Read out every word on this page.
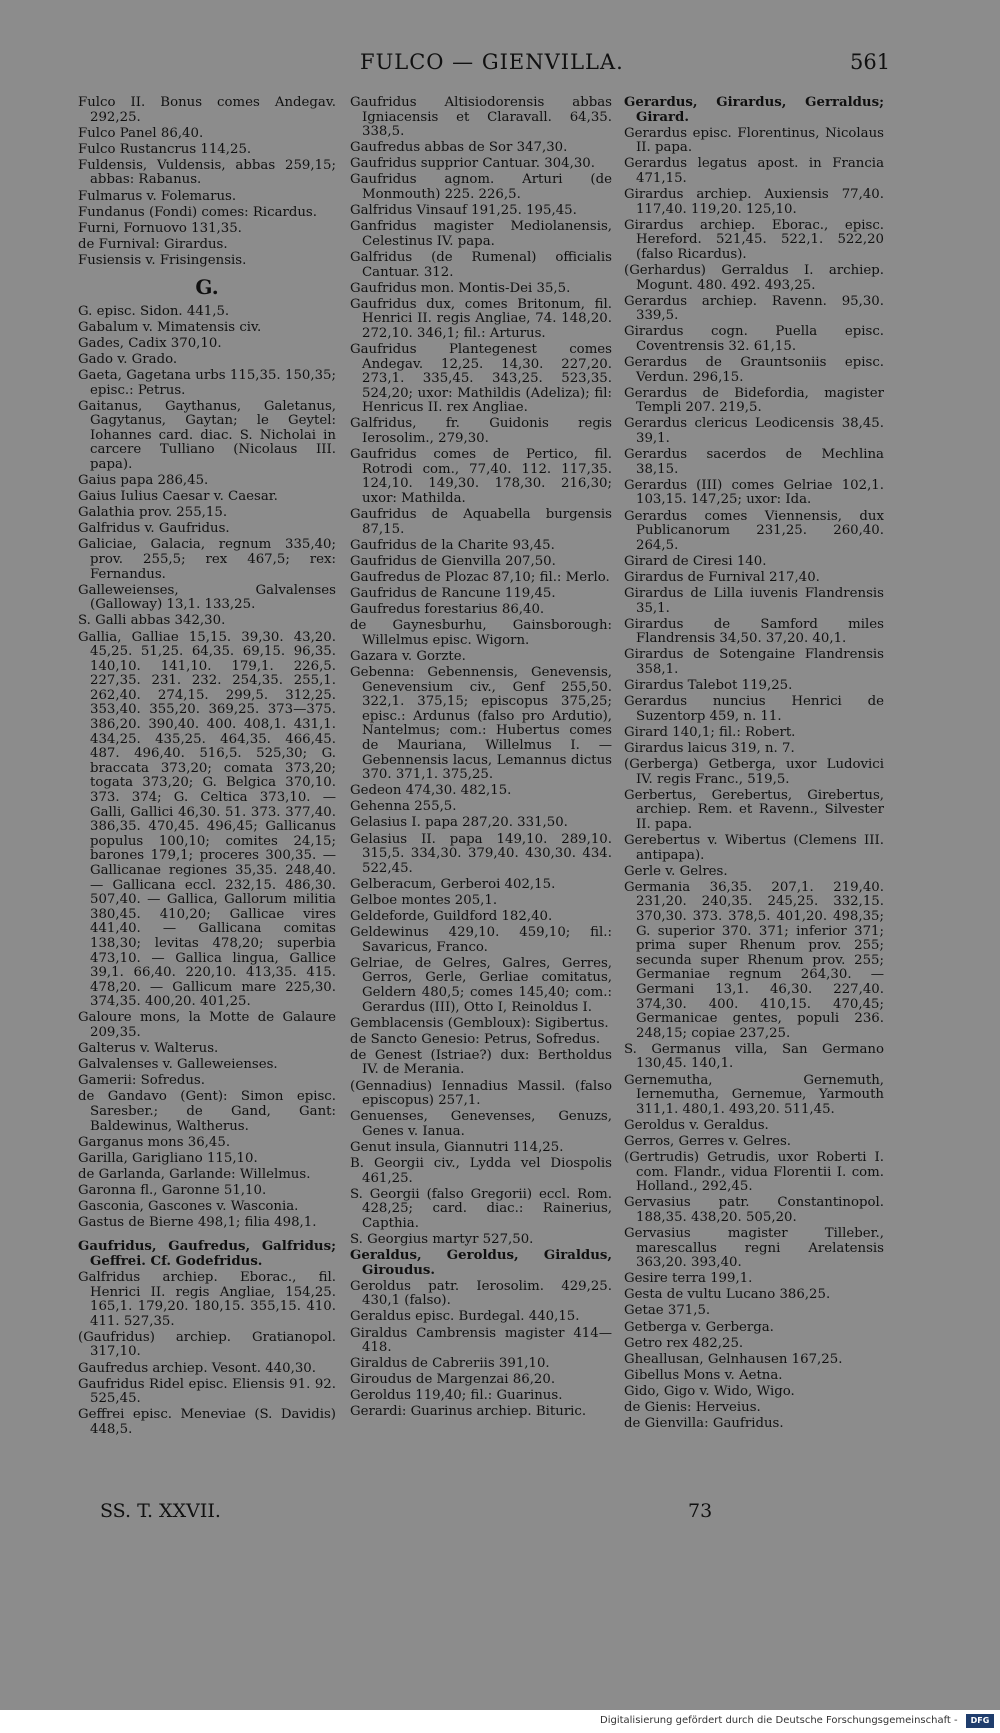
FULCO — GIENVILLA.	561
Fulco II. Bonus comes Andegav. 292,25.
Fulco Panel 86,40.
Fulco Rustancrus 114,25.
Fuldensis, Vuldensis, abbas 259,15; abbas: Rabanus.
Fulmarus v. Folemarus.
Fundanus (Fondi) comes: Ricardus.
Furni, Fornuovo 131,35.
de Furnival: Girardus.
Fusiensis v. Frisingensis.
G.
G. episc. Sidon. 441,5.
Gabalum v. Mimatensis civ.
Gades, Cadix 370,10.
Gado v. Grado.
Gaeta, Gagetana urbs 115,35. 150,35; episc.: Petrus.
Gaitanus, Gaythanus, Galetanus, Gagytanus, Gaytan; le Geytel: Iohannes card. diac. S. Nicholai in carcere Tulliano (Nicolaus III. papa).
Gaius papa 286,45.
Gaius Iulius Caesar v. Caesar.
Galathia prov. 255,15.
Galfridus v. Gaufridus.
Galiciae, Galacia, regnum 335,40; prov. 255,5; rex 467,5; rex: Fernandus.
Galleweienses, Galvalenses (Galloway) 13,1. 133,25.
S. Galli abbas 342,30.
Gallia, Galliae 15,15. 39,30. 43,20. 45,25. 51,25. 64,35. 69,15. 96,35. 140,10. 141,10. 179,1. 226,5. 227,35. 231. 232. 254,35. 255,1. 262,40. 274,15. 299,5. 312,25. 353,40. 355,20. 369,25. 373—375. 386,20. 390,40. 400. 408,1. 431,1. 434,25. 435,25. 464,35. 466,45. 487. 496,40. 516,5. 525,30; G. braccata 373,20; comata 373,20; togata 373,20; G. Belgica 370,10. 373. 374; G. Celtica 373,10. — Galli, Gallici 46,30. 51. 373. 377,40. 386,35. 470,45. 496,45; Gallicanus populus 100,10; comites 24,15; barones 179,1; proceres 300,35. — Gallicanae regiones 35,35. 248,40. — Gallicana eccl. 232,15. 486,30. 507,40. — Gallica, Gallorum militia 380,45. 410,20; Gallicae vires 441,40. — Gallicana comitas 138,30; levitas 478,20; superbia 473,10. — Gallica lingua, Gallice 39,1. 66,40. 220,10. 413,35. 415. 478,20. — Gallicum mare 225,30. 374,35. 400,20. 401,25.
Galoure mons, la Motte de Galaure 209,35.
Galterus v. Walterus.
Galvalenses v. Galleweienses.
Gamerii: Sofredus.
de Gandavo (Gent): Simon episc. Saresber.; de Gand, Gant: Baldewinus, Waltherus.
Garganus mons 36,45.
Garilla, Garigliano 115,10.
de Garlanda, Garlande: Willelmus.
Garonna fl., Garonne 51,10.
Gasconia, Gascones v. Wasconia.
Gastus de Bierne 498,1; filia 498,1.
Gaufridus, Gaufredus, Galfridus; Geffrei. Cf. Godefridus.
Galfridus archiep. Eborac., fil. Henrici II. regis Angliae, 154,25. 165,1. 179,20. 180,15. 355,15. 410. 411. 527,35.
(Gaufridus) archiep. Gratianopol. 317,10.
Gaufredus archiep. Vesont. 440,30.
Gaufridus Ridel episc. Eliensis 91. 92. 525,45.
Geffrei episc. Meneviae (S. Davidis) 448,5.
Gaufridus Altisiodorensis abbas Igniacensis et Claravall. 64,35. 338,5.
Gaufredus abbas de Sor 347,30.
Gaufridus supprior Cantuar. 304,30.
Gaufridus agnom. Arturi (de Monmouth) 225. 226,5.
Galfridus Vinsauf 191,25. 195,45.
Ganfridus magister Mediolanensis, Celestinus IV. papa.
Galfridus (de Rumenal) officialis Cantuar. 312.
Gaufridus mon. Montis-Dei 35,5.
Gaufridus dux, comes Britonum, fil. Henrici II. regis Angliae, 74. 148,20. 272,10. 346,1; fil.: Arturus.
Gaufridus Plantegenest comes Andegav. 12,25. 14,30. 227,20. 273,1. 335,45. 343,25. 523,35. 524,20; uxor: Mathildis (Adeliza); fil: Henricus II. rex Angliae.
Galfridus, fr. Guidonis regis Ierosolim., 279,30.
Gaufridus comes de Pertico, fil. Rotrodi com., 77,40. 112. 117,35. 124,10. 149,30. 178,30. 216,30; uxor: Mathilda.
Gaufridus de Aquabella burgensis 87,15.
Gaufridus de la Charite 93,45.
Gaufridus de Gienvilla 207,50.
Gaufredus de Plozac 87,10; fil.: Merlo.
Gaufridus de Rancune 119,45.
Gaufredus forestarius 86,40.
de Gaynesburhu, Gainsborough: Willelmus episc. Wigorn.
Gazara v. Gorzte.
Gebenna: Gebennensis, Genevensis, Genevensium civ., Genf 255,50. 322,1. 375,15; episcopus 375,25; episc.: Ardunus (falso pro Ardutio), Nantelmus; com.: Hubertus comes de Mauriana, Willelmus I. — Gebennensis lacus, Lemannus dictus 370. 371,1. 375,25.
Gedeon 474,30. 482,15.
Gehenna 255,5.
Gelasius I. papa 287,20. 331,50.
Gelasius II. papa 149,10. 289,10. 315,5. 334,30. 379,40. 430,30. 434. 522,45.
Gelberacum, Gerberoi 402,15.
Gelboe montes 205,1.
Geldeforde, Guildford 182,40.
Geldewinus 429,10. 459,10; fil.: Savaricus, Franco.
Gelriae, de Gelres, Galres, Gerres, Gerros, Gerle, Gerliae comitatus, Geldern 480,5; comes 145,40; com.: Gerardus (III), Otto I, Reinoldus I.
Gemblacensis (Gembloux): Sigibertus.
de Sancto Genesio: Petrus, Sofredus.
de Genest (Istriae?) dux: Bertholdus IV. de Merania.
(Gennadius) Iennadius Massil. (falso episcopus) 257,1.
Genuenses, Genevenses, Genuzs, Genes v. Ianua.
Genut insula, Giannutri 114,25.
B. Georgii civ., Lydda vel Diospolis 461,25.
S. Georgii (falso Gregorii) eccl. Rom. 428,25; card. diac.: Rainerius, Capthia.
S. Georgius martyr 527,50.
Geraldus, Geroldus, Giraldus, Giroudus.
Geroldus patr. Ierosolim. 429,25. 430,1 (falso).
Geraldus episc. Burdegal. 440,15.
Giraldus Cambrensis magister 414—418.
Giraldus de Cabreriis 391,10.
Giroudus de Margenzai 86,20.
Geroldus 119,40; fil.: Guarinus.
Gerardi: Guarinus archiep. Bituric.
Gerardus, Girardus, Gerraldus; Girard.
Gerardus episc. Florentinus, Nicolaus II. papa.
Gerardus legatus apost. in Francia 471,15.
Girardus archiep. Auxiensis 77,40. 117,40. 119,20. 125,10.
Girardus archiep. Eborac., episc. Hereford. 521,45. 522,1. 522,20 (falso Ricardus).
(Gerhardus) Gerraldus I. archiep. Mogunt. 480. 492. 493,25.
Gerardus archiep. Ravenn. 95,30. 339,5.
Girardus cogn. Puella episc. Coventrensis 32. 61,15.
Gerardus de Grauntsoniis episc. Verdun. 296,15.
Gerardus de Bidefordia, magister Templi 207. 219,5.
Gerardus clericus Leodicensis 38,45. 39,1.
Gerardus sacerdos de Mechlina 38,15.
Gerardus (III) comes Gelriae 102,1. 103,15. 147,25; uxor: Ida.
Gerardus comes Viennensis, dux Publicanorum 231,25. 260,40. 264,5.
Girard de Ciresi 140.
Girardus de Furnival 217,40.
Girardus de Lilla iuvenis Flandrensis 35,1.
Girardus de Samford miles Flandrensis 34,50. 37,20. 40,1.
Girardus de Sotengaine Flandrensis 358,1.
Girardus Talebot 119,25.
Gerardus nuncius Henrici de Suzentorp 459, n. 11.
Girard 140,1; fil.: Robert.
Girardus laicus 319, n. 7.
(Gerberga) Getberga, uxor Ludovici IV. regis Franc., 519,5.
Gerbertus, Gerebertus, Girebertus, archiep. Rem. et Ravenn., Silvester II. papa.
Gerebertus v. Wibertus (Clemens III. antipapa).
Gerle v. Gelres.
Germania 36,35. 207,1. 219,40. 231,20. 240,35. 245,25. 332,15. 370,30. 373. 378,5. 401,20. 498,35; G. superior 370. 371; inferior 371; prima super Rhenum prov. 255; secunda super Rhenum prov. 255; Germaniae regnum 264,30. — Germani 13,1. 46,30. 227,40. 374,30. 400. 410,15. 470,45; Germanicae gentes, populi 236. 248,15; copiae 237,25.
S. Germanus villa, San Germano 130,45. 140,1.
Gernemutha, Gernemuth, Iernemutha, Gernemue, Yarmouth 311,1. 480,1. 493,20. 511,45.
Geroldus v. Geraldus.
Gerros, Gerres v. Gelres.
(Gertrudis) Getrudis, uxor Roberti I. com. Flandr., vidua Florentii I. com. Holland., 292,45.
Gervasius patr. Constantinopol. 188,35. 438,20. 505,20.
Gervasius magister Tilleber., marescallus regni Arelatensis 363,20. 393,40.
Gesire terra 199,1.
Gesta de vultu Lucano 386,25.
Getae 371,5.
Getberga v. Gerberga.
Getro rex 482,25.
Gheallusan, Gelnhausen 167,25.
Gibellus Mons v. Aetna.
Gido, Gigo v. Wido, Wigo.
de Gienis: Herveius.
de Gienvilla: Gaufridus.
SS. T. XXVII.	73
Digitalisierung gefördert durch die Deutsche Forschungsgemeinschaft -	DFG
